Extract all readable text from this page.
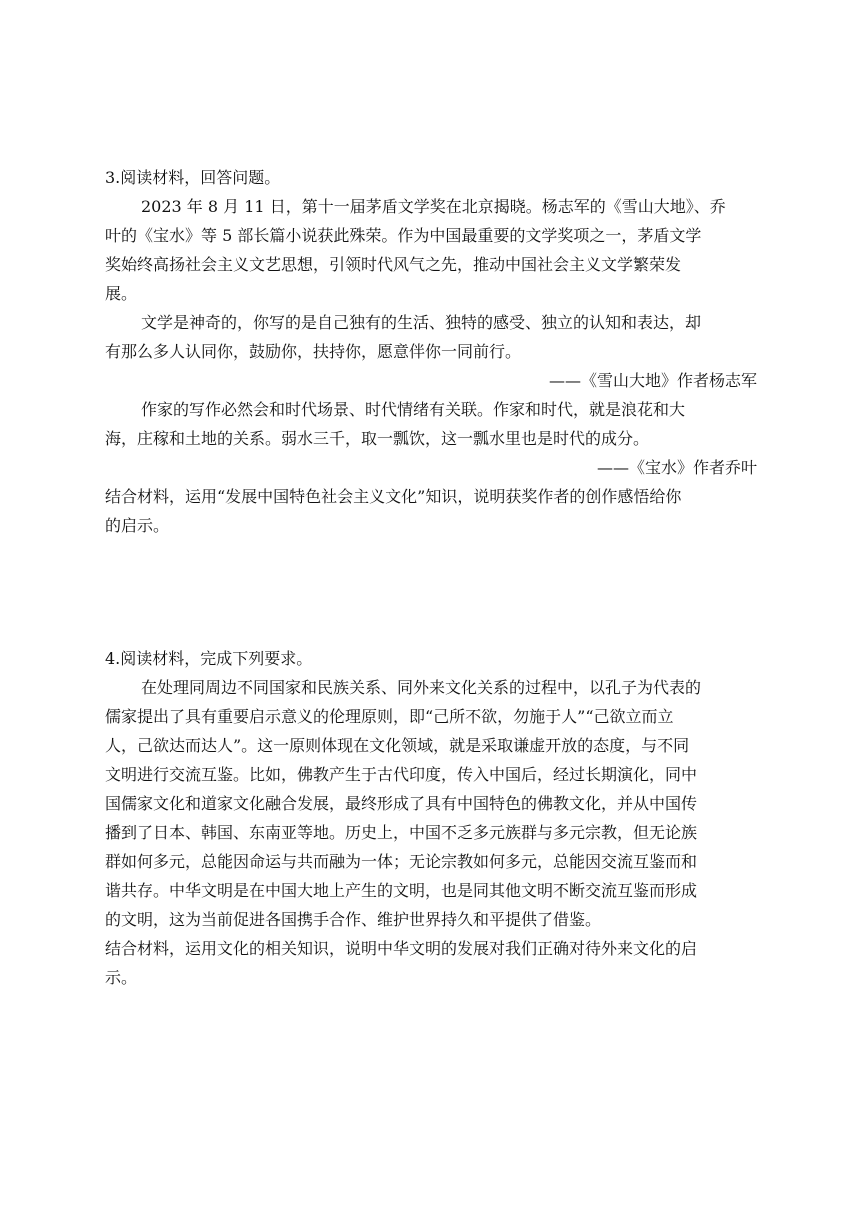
3.阅读材料，回答问题。
2023 年 8 月 11 日，第十一届茅盾文学奖在北京揭晓。杨志军的《雪山大地》、乔
叶的《宝水》等 5 部长篇小说获此殊荣。作为中国最重要的文学奖项之一，茅盾文学
奖始终高扬社会主义文艺思想，引领时代风气之先，推动中国社会主义文学繁荣发
展。
文学是神奇的，你写的是自己独有的生活、独特的感受、独立的认知和表达，却
有那么多人认同你，鼓励你，扶持你，愿意伴你一同前行。
——《雪山大地》作者杨志军
作家的写作必然会和时代场景、时代情绪有关联。作家和时代，就是浪花和大
海，庄稼和土地的关系。弱水三千，取一瓢饮，这一瓢水里也是时代的成分。
——《宝水》作者乔叶
结合材料，运用“发展中国特色社会主义文化”知识，说明获奖作者的创作感悟给你
的启示。
4.阅读材料，完成下列要求。
在处理同周边不同国家和民族关系、同外来文化关系的过程中，以孔子为代表的
儒家提出了具有重要启示意义的伦理原则，即“己所不欲，勿施于人”“己欲立而立
人，己欲达而达人”。这一原则体现在文化领域，就是采取谦虚开放的态度，与不同
文明进行交流互鉴。比如，佛教产生于古代印度，传入中国后，经过长期演化，同中
国儒家文化和道家文化融合发展，最终形成了具有中国特色的佛教文化，并从中国传
播到了日本、韩国、东南亚等地。历史上，中国不乏多元族群与多元宗教，但无论族
群如何多元，总能因命运与共而融为一体；无论宗教如何多元，总能因交流互鉴而和
谐共存。中华文明是在中国大地上产生的文明，也是同其他文明不断交流互鉴而形成
的文明，这为当前促进各国携手合作、维护世界持久和平提供了借鉴。
结合材料，运用文化的相关知识，说明中华文明的发展对我们正确对待外来文化的启
示。
